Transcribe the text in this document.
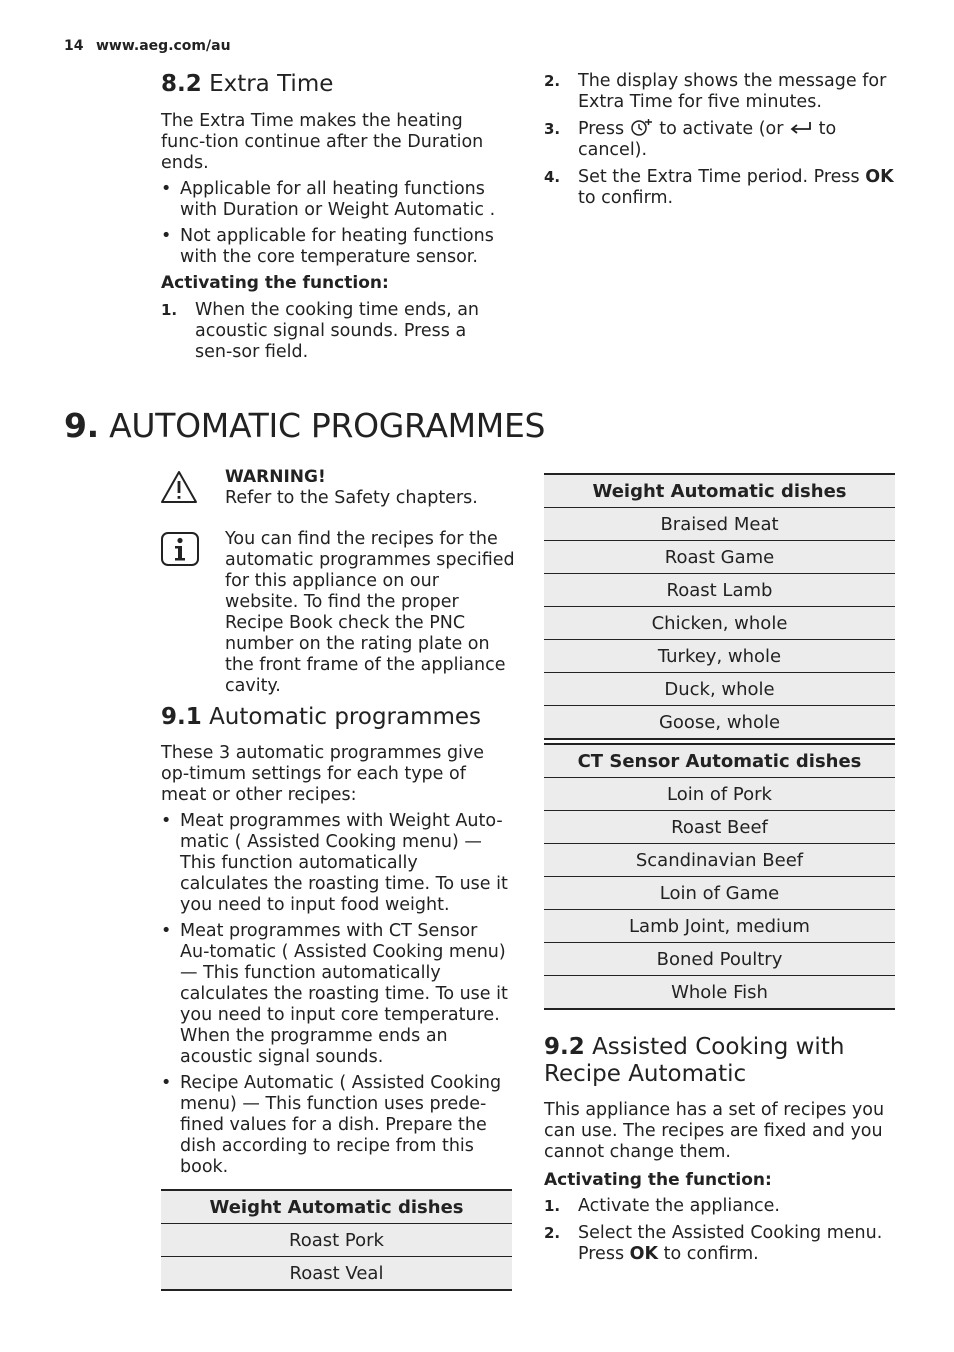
14 www.aeg.com/au
8.2 Extra Time

The Extra Time makes the heating func-tion continue after the Duration ends.

• Applicable for all heating functions with Duration or Weight Automatic .

• Not applicable for heating functions with the core temperature sensor.

Activating the function:

1. When the cooking time ends, an acoustic signal sounds. Press a sen-sor field.
2. The display shows the message for Extra Time for five minutes.
3. Press to activate (or to cancel).
4. Set the Extra Time period. Press OK to confirm.
9. AUTOMATIC PROGRAMMES

WARNING!

Refer to the Safety chapters.

You can find the recipes for the automatic programmes specified for this appliance on our website. To find the proper Recipe Book check the PNC number on the rating plate on the front frame of the appliance cavity.
9.1 Automatic programmes

These 3 automatic programmes give op-timum settings for each type of meat or other recipes:

• Meat programmes with Weight Auto-matic ( Assisted Cooking menu) — This function automatically calculates the roasting time. To use it you need to input food weight.

• Meat programmes with CT Sensor Au-tomatic ( Assisted Cooking menu) — This function automatically calculates the roasting time. To use it you need to input core temperature. When the programme ends an acoustic signal sounds.

• Recipe Automatic ( Assisted Cooking menu) — This function uses prede-fined values for a dish. Prepare the dish according to recipe from this book.

Weight Automatic dishes
Roast Pork
Roast Veal
Weight Automatic dishes
Braised Meat
Roast Game
Roast Lamb
Chicken, whole
Turkey, whole
Duck, whole
Goose, whole
CT Sensor Automatic dishes
Loin of Pork
Roast Beef
Scandinavian Beef
Loin of Game
Lamb Joint, medium
Boned Poultry
Whole Fish
9.2 Assisted Cooking with
Recipe Automatic

This appliance has a set of recipes you can use. The recipes are fixed and you cannot change them.

Activating the function:

1. Activate the appliance.
2. Select the Assisted Cooking menu. Press OK to confirm.
